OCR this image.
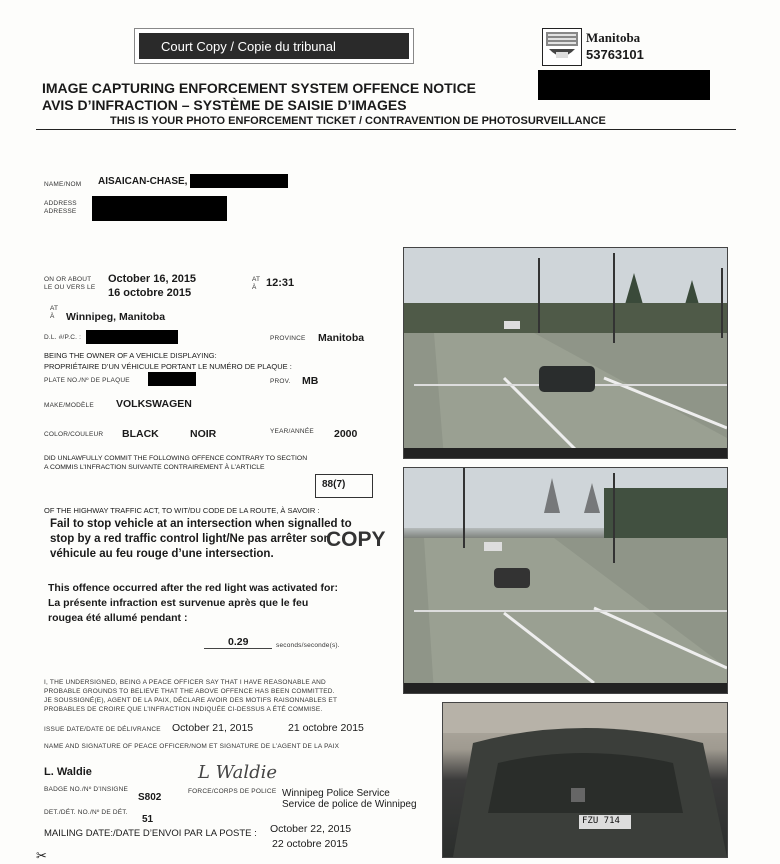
Court Copy / Copie du tribunal
Manitoba
53763101
IMAGE CAPTURING ENFORCEMENT SYSTEM OFFENCE NOTICE
AVIS D’INFRACTION – SYSTÈME DE SAISIE D’IMAGES
THIS IS YOUR PHOTO ENFORCEMENT TICKET / CONTRAVENTION DE PHOTOSURVEILLANCE
NAME/NOM AISAICAN-CHASE,
ADDRESS
ADRESSE
ON OR ABOUT
LE OU VERS LE
October 16, 2015
16 octobre 2015
AT
À 12:31
AT
À Winnipeg, Manitoba
D.L. #/P.C. :	PROVINCE Manitoba
BEING THE OWNER OF A VEHICLE DISPLAYING:
PROPRIÉTAIRE D’UN VÉHICULE PORTANT LE NUMÉRO DE PLAQUE :
PLATE NO./Nº DE PLAQUE	PROV. MB
MAKE/MODÈLE VOLKSWAGEN
COLOR/COULEUR BLACK	NOIR	YEAR/ANNÉE 2000
DID UNLAWFULLY COMMIT THE FOLLOWING OFFENCE CONTRARY TO SECTION
A COMMIS L’INFRACTION SUIVANTE CONTRAIREMENT À L’ARTICLE
88(7)
OF THE HIGHWAY TRAFFIC ACT, TO WIT/DU CODE DE LA ROUTE, À SAVOIR :
Fail to stop vehicle at an intersection when signalled to
stop by a red traffic control light/Ne pas arrêter son
véhicule au feu rouge d’une intersection.
COPY
This offence occurred after the red light was activated for:
La présente infraction est survenue après que le feu
rougea été allumé pendant :
0.29	seconds/seconde(s).
I, THE UNDERSIGNED, BEING A PEACE OFFICER SAY THAT I HAVE REASONABLE AND
PROBABLE GROUNDS TO BELIEVE THAT THE ABOVE OFFENCE HAS BEEN COMMITTED.
JE SOUSSIGNÉ(E), AGENT DE LA PAIX, DÉCLARE AVOIR DES MOTIFS RAISONNABLES ET
PROBABLES DE CROIRE QUE L’INFRACTION INDIQUÉE CI-DESSUS A ÉTÉ COMMISE.
ISSUE DATE/DATE DE DÉLIVRANCE October 21, 2015	21 octobre 2015
NAME AND SIGNATURE OF PEACE OFFICER/NOM ET SIGNATURE DE L’AGENT DE LA PAIX
L. Waldie	L Waldie
BADGE NO./Nº D’INSIGNE
S802
FORCE/CORPS DE POLICE Winnipeg Police Service
Service de police de Winnipeg
DET./DÉT. NO./Nº DE DÉT.
51
MAILING DATE:/DATE D’ENVOI PAR LA POSTE : October 22, 2015
22 octobre 2015
✂
FZU 714
